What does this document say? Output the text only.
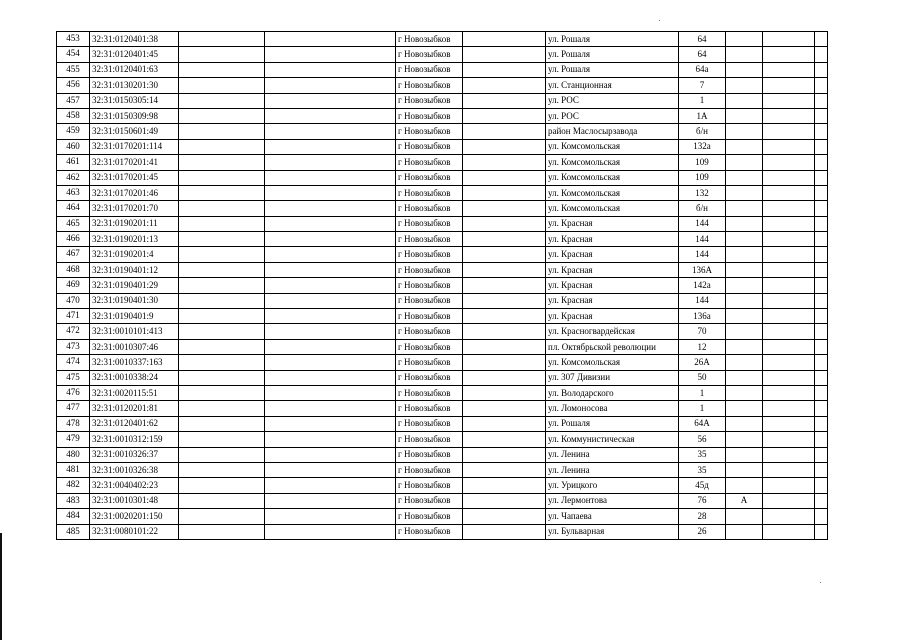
453	32:31:0120401:38			г Новозыбков		ул. Рошаля	64			
454	32:31:0120401:45			г Новозыбков		ул. Рошаля	64			
455	32:31:0120401:63			г Новозыбков		ул. Рошаля	64а			
456	32:31:0130201:30			г Новозыбков		ул. Станционная	7			
457	32:31:0150305:14			г Новозыбков		ул. РОС	1			
458	32:31:0150309:98			г Новозыбков		ул. РОС	1А			
459	32:31:0150601:49			г Новозыбков		район Маслосырзавода	б/н			
460	32:31:0170201:114			г Новозыбков		ул. Комсомольская	132а			
461	32:31:0170201:41			г Новозыбков		ул. Комсомольская	109			
462	32:31:0170201:45			г Новозыбков		ул. Комсомольская	109			
463	32:31:0170201:46			г Новозыбков		ул. Комсомольская	132			
464	32:31:0170201:70			г Новозыбков		ул. Комсомольская	б/н			
465	32:31:0190201:11			г Новозыбков		ул. Красная	144			
466	32:31:0190201:13			г Новозыбков		ул. Красная	144			
467	32:31:0190201:4			г Новозыбков		ул. Красная	144			
468	32:31:0190401:12			г Новозыбков		ул. Красная	136А			
469	32:31:0190401:29			г Новозыбков		ул. Красная	142а			
470	32:31:0190401:30			г Новозыбков		ул. Красная	144			
471	32:31:0190401:9			г Новозыбков		ул. Красная	136а			
472	32:31:0010101:413			г Новозыбков		ул. Красногвардейская	70			
473	32:31:0010307:46			г Новозыбков		пл. Октябрьской революции	12			
474	32:31:0010337:163			г Новозыбков		ул. Комсомольская	26А			
475	32:31:0010338:24			г Новозыбков		ул. 307 Дивизии	50			
476	32:31:0020115:51			г Новозыбков		ул. Володарского	1			
477	32:31:0120201:81			г Новозыбков		ул. Ломоносова	1			
478	32:31:0120401:62			г Новозыбков		ул. Рошаля	64А			
479	32:31:0010312:159			г Новозыбков		ул. Коммунистическая	56			
480	32:31:0010326:37			г Новозыбков		ул. Ленина	35			
481	32:31:0010326:38			г Новозыбков		ул. Ленина	35			
482	32:31:0040402:23			г Новозыбков		ул. Урицкого	45д			
483	32:31:0010301:48			г Новозыбков		ул. Лермонтова	76	А		
484	32:31:0020201:150			г Новозыбков		ул. Чапаева	28			
485	32:31:0080101:22			г Новозыбков		ул. Бульварная	26			
